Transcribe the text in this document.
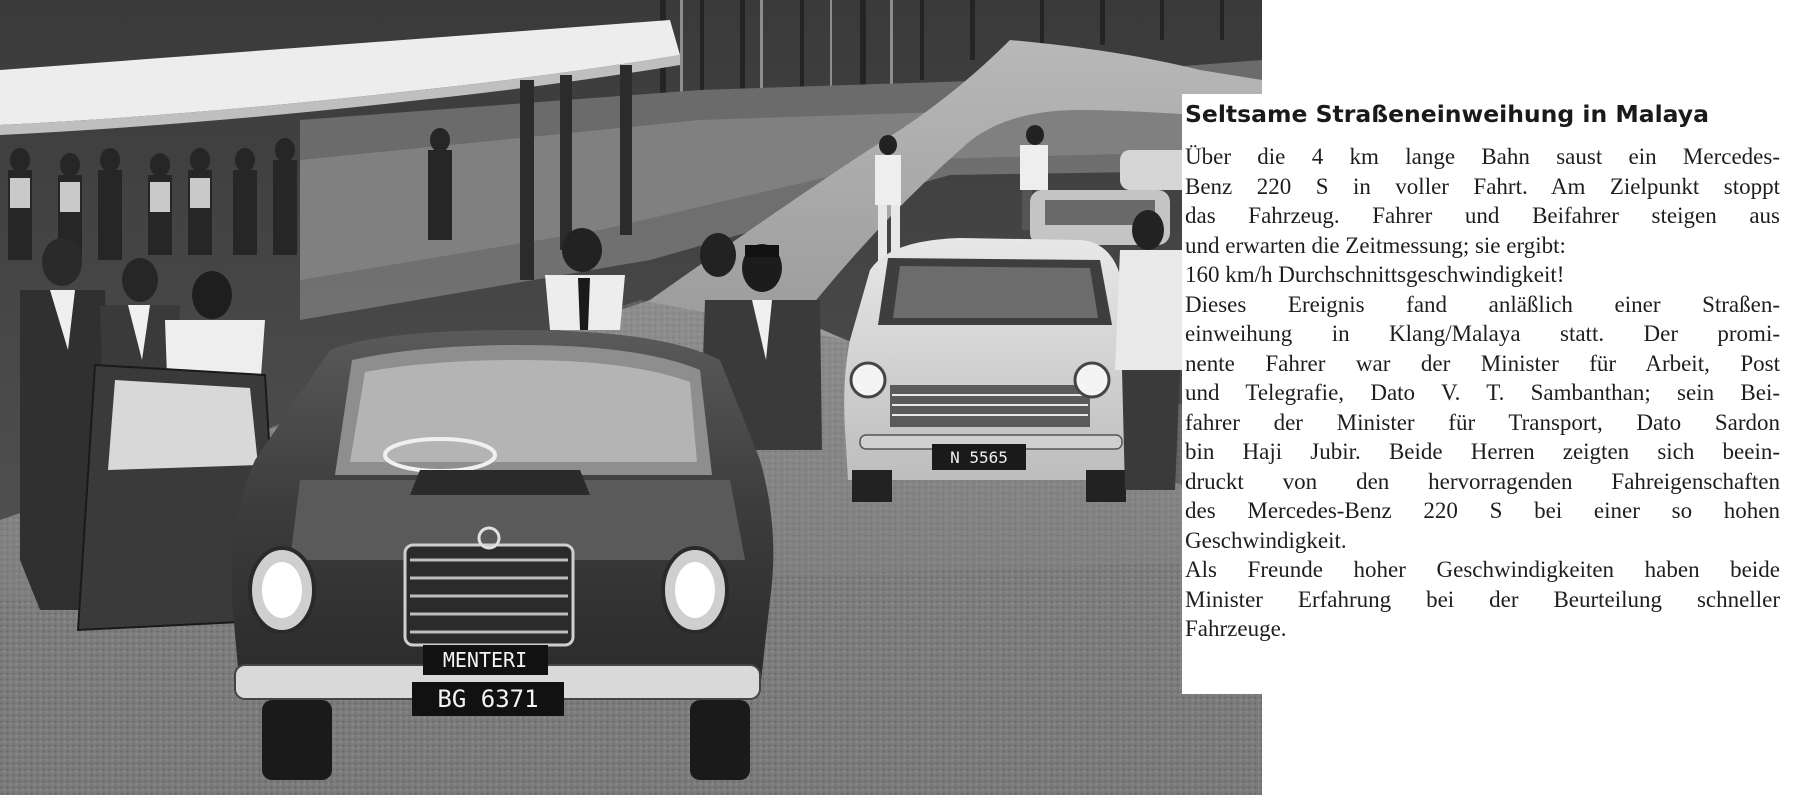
N 5565
MENTERI
BG 6371
Seltsame Straßeneinweihung in Malaya
Über die 4 km lange Bahn saust ein Mercedes-
Benz 220 S in voller Fahrt. Am Zielpunkt stoppt
das Fahrzeug. Fahrer und Beifahrer steigen aus
und erwarten die Zeitmessung; sie ergibt:
160 km/h Durchschnittsgeschwindigkeit!
Dieses Ereignis fand anläßlich einer Straßen-
einweihung in Klang/Malaya statt. Der promi-
nente Fahrer war der Minister für Arbeit, Post
und Telegrafie, Dato V. T. Sambanthan; sein Bei-
fahrer der Minister für Transport, Dato Sardon
bin Haji Jubir. Beide Herren zeigten sich beein-
druckt von den hervorragenden Fahreigenschaften
des Mercedes-Benz 220 S bei einer so hohen
Geschwindigkeit.
Als Freunde hoher Geschwindigkeiten haben beide
Minister Erfahrung bei der Beurteilung schneller
Fahrzeuge.
